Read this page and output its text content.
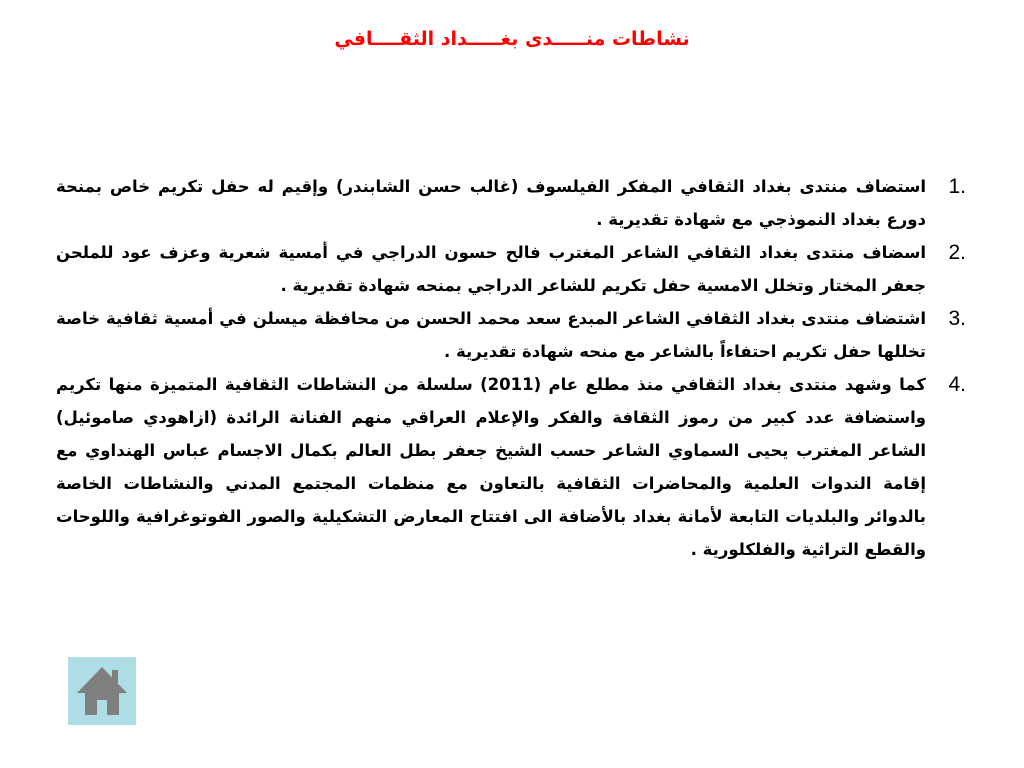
نشاطات منـــــدى بغـــــداد الثقــــافي
1.
استضاف منتدى بغداد الثقافي المفكر الفيلسوف (غالب حسن الشابندر) وإقيم له حفل تكريم خاص بمنحة دورع بغداد النموذجي مع شهادة تقديرية .
2.
اسضاف منتدى بغداد الثقافي الشاعر المغترب فالح حسون الدراجي في أمسية شعرية وعزف عود للملحن جعفر المختار وتخلل الامسية حفل تكريم للشاعر الدراجي بمنحه شهادة تقديرية .
3.
اشتضاف منتدى بغداد الثقافي الشاعر المبدع سعد محمد الحسن من محافظة ميسلن في أمسية ثقافية خاصة تخللها حفل تكريم احتفاءاً بالشاعر مع منحه شهادة تقديرية .
4.
كما وشهد منتدى بغداد الثقافي منذ مطلع عام (2011) سلسلة من النشاطات الثقافية المتميزة منها تكريم واستضافة عدد كبير من رموز الثقافة والفكر والإعلام العراقي منهم الفنانة الرائدة (ازاهودي صاموئيل) الشاعر المغترب يحيى السماوي الشاعر حسب الشيخ جعفر بطل العالم بكمال الاجسام عباس الهنداوي مع إقامة الندوات العلمية والمحاضرات الثقافية بالتعاون مع منظمات المجتمع المدني والنشاطات الخاصة بالدوائر والبلديات التابعة لأمانة بغداد بالأضافة الى افتتاح المعارض التشكيلية والصور الفوتوغرافية واللوحات والقطع التراثية والفلكلورية .
